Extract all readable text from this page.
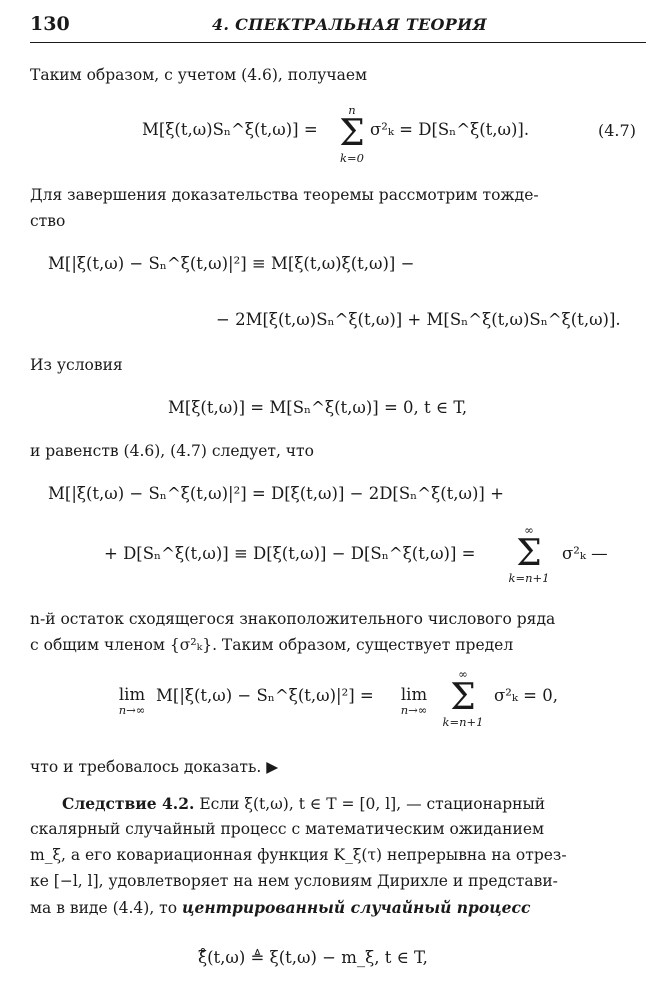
130	4. СПЕКТРАЛЬНАЯ ТЕОРИЯ
Таким образом, с учетом (4.6), получаем
M[ξ(t,ω)Sₙ^ξ(t,ω)] =
n
Σ
k=0
σ²ₖ = D[Sₙ^ξ(t,ω)].	(4.7)
Для завершения доказательства теоремы рассмотрим тожде-
ство
M[|ξ(t,ω) − Sₙ^ξ(t,ω)|²] ≡ M[ξ(t,ω)ξ(t,ω)] −
− 2M[ξ(t,ω)Sₙ^ξ(t,ω)] + M[Sₙ^ξ(t,ω)Sₙ^ξ(t,ω)].
Из условия
M[ξ(t,ω)] = M[Sₙ^ξ(t,ω)] = 0, t ∈ T,
и равенств (4.6), (4.7) следует, что
M[|ξ(t,ω) − Sₙ^ξ(t,ω)|²] = D[ξ(t,ω)] − 2D[Sₙ^ξ(t,ω)] +
+ D[Sₙ^ξ(t,ω)] ≡ D[ξ(t,ω)] − D[Sₙ^ξ(t,ω)] =
∞
Σ
k=n+1
σ²ₖ —
n-й остаток сходящегося знакоположительного числового ряда
с общим членом {σ²ₖ}. Таким образом, существует предел
lim
n→∞
M[|ξ(t,ω) − Sₙ^ξ(t,ω)|²] =	lim
n→∞
∞
Σ
k=n+1
σ²ₖ = 0,
что и требовалось доказать. ▶
Следствие 4.2. Если ξ(t,ω), t ∈ T = [0, l], — стационарный
скалярный случайный процесс с математическим ожиданием
m_ξ, а его ковариационная функция K_ξ(τ) непрерывна на отрез-
ке [−l, l], удовлетворяет на нем условиям Дирихле и представи-
ма в виде (4.4), то центрированный случайный процесс
ξ̊(t,ω) ≜ ξ(t,ω) − m_ξ, t ∈ T,
